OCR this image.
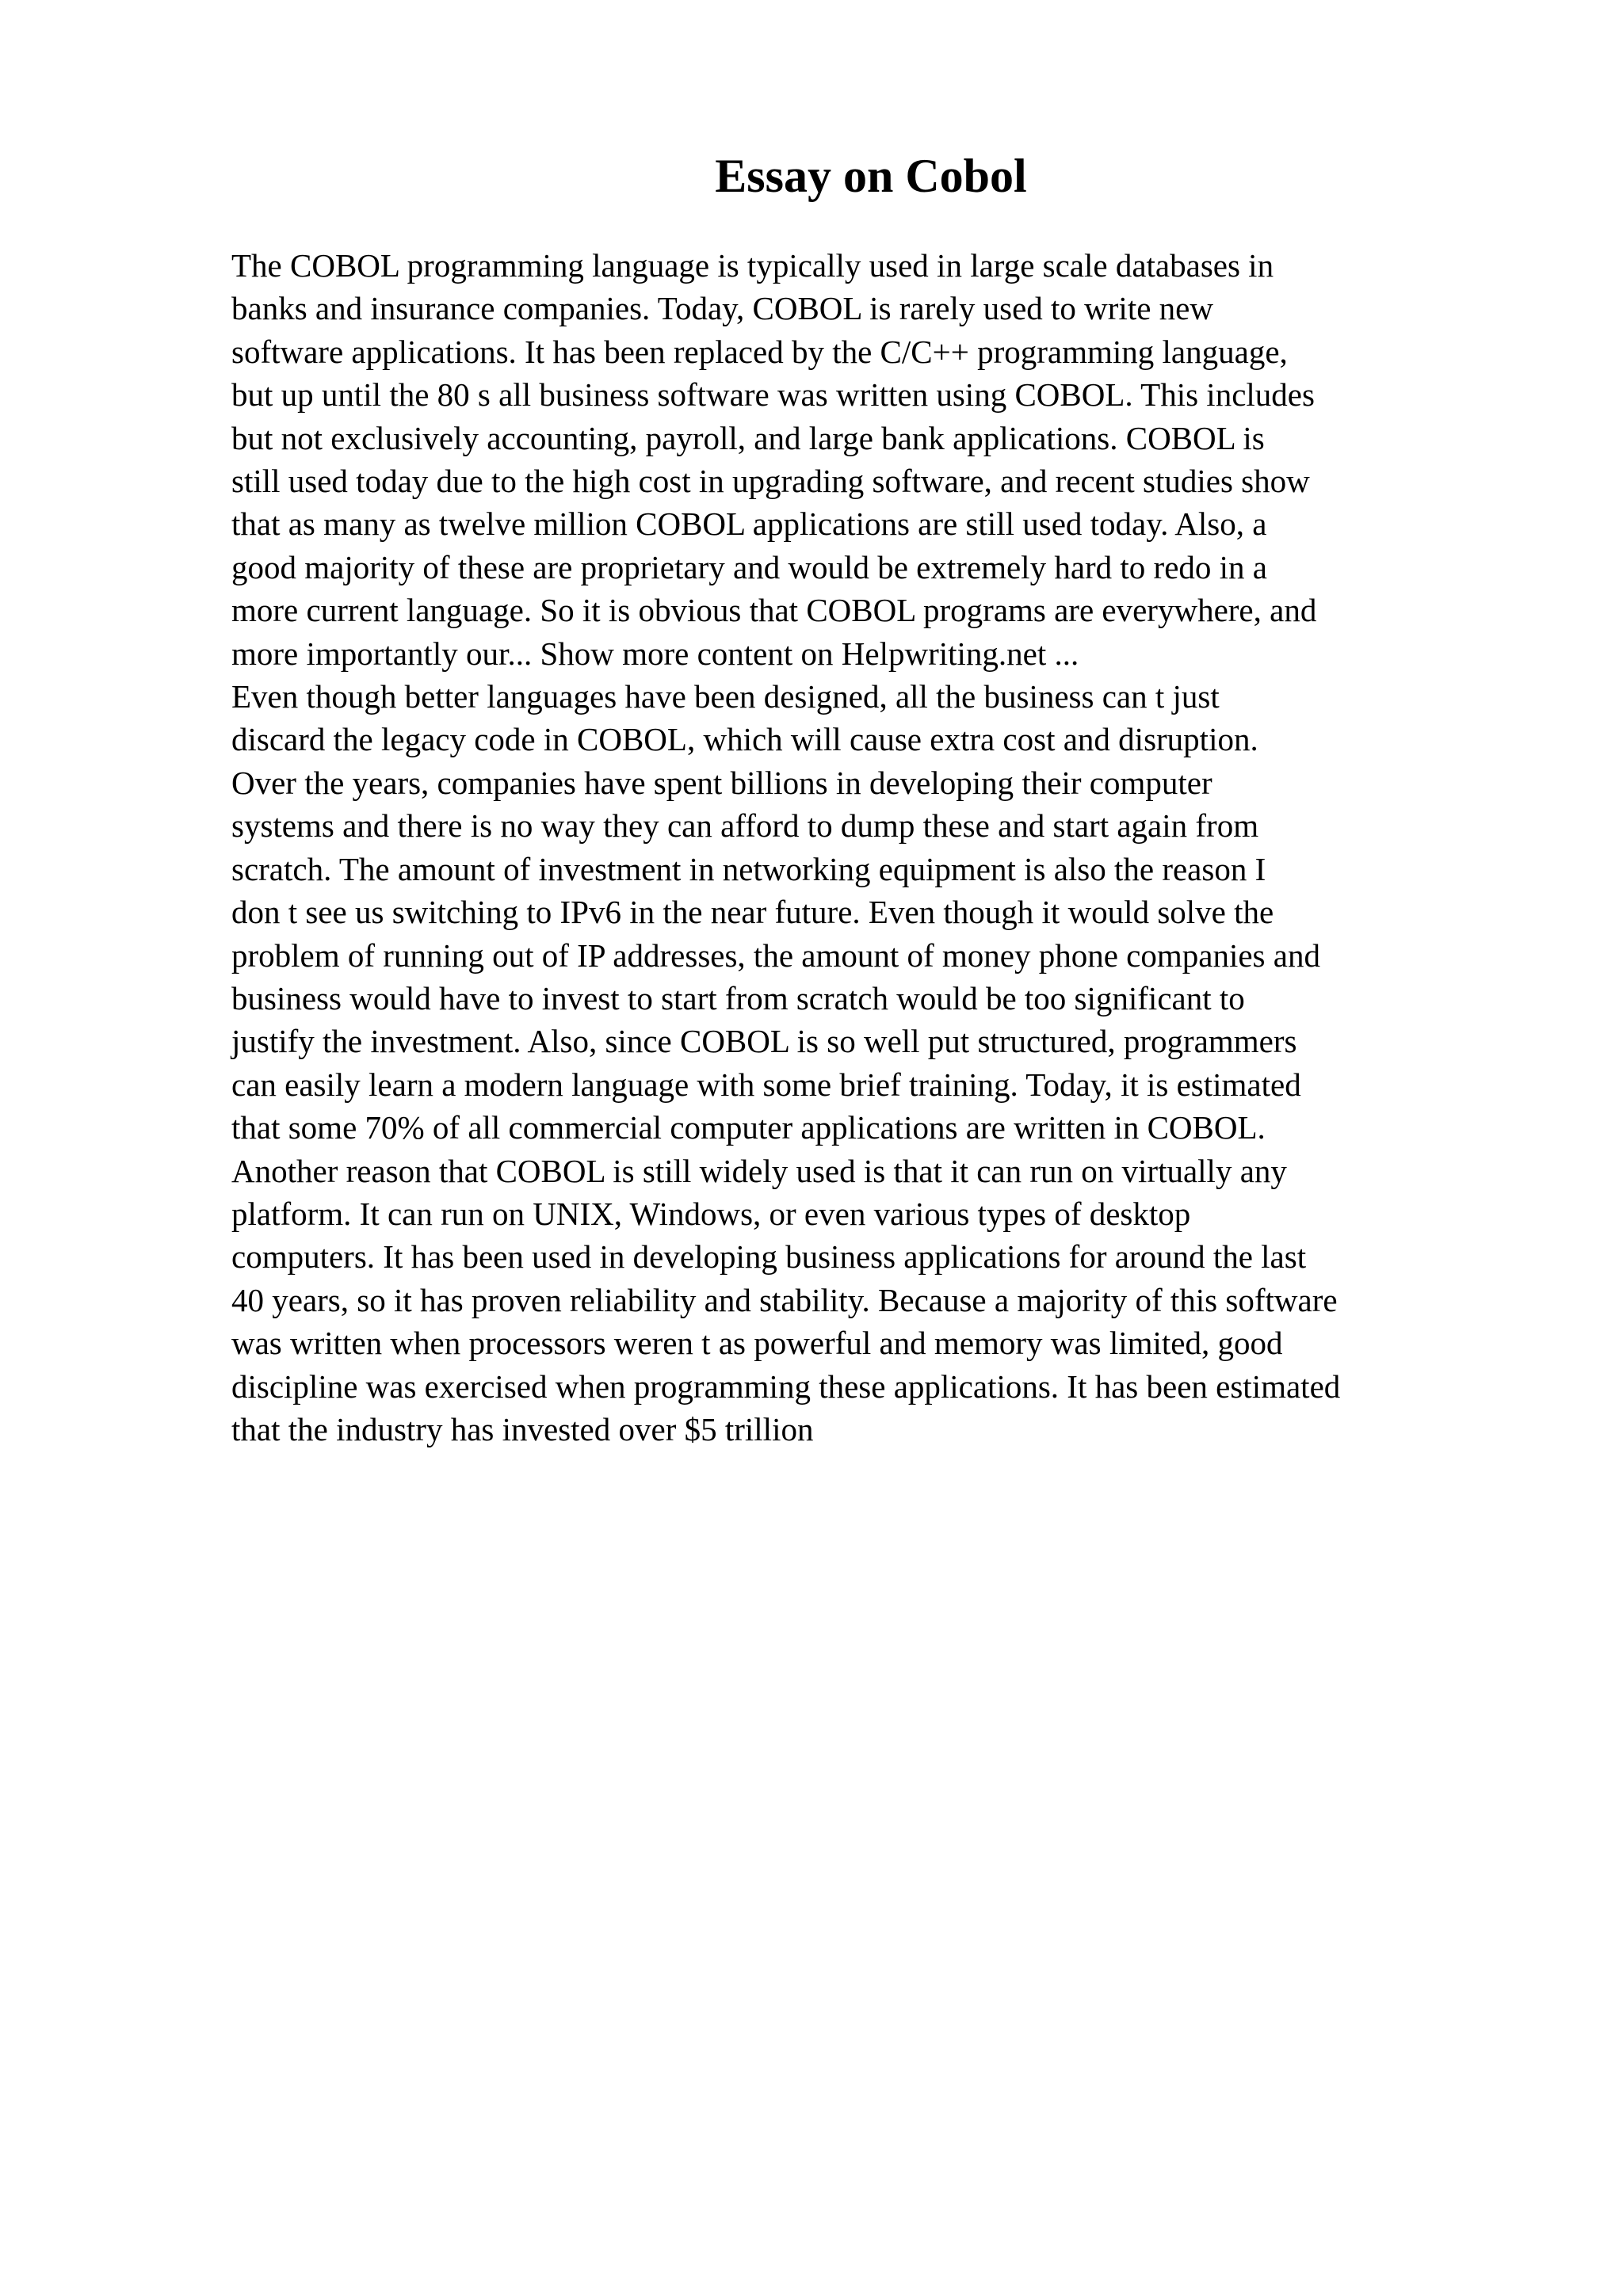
Essay on Cobol
The COBOL programming language is typically used in large scale databases in
banks and insurance companies. Today, COBOL is rarely used to write new
software applications. It has been replaced by the C/C++ programming language,
but up until the 80 s all business software was written using COBOL. This includes
but not exclusively accounting, payroll, and large bank applications. COBOL is
still used today due to the high cost in upgrading software, and recent studies show
that as many as twelve million COBOL applications are still used today. Also, a
good majority of these are proprietary and would be extremely hard to redo in a
more current language. So it is obvious that COBOL programs are everywhere, and
more importantly our... Show more content on Helpwriting.net ...
Even though better languages have been designed, all the business can t just
discard the legacy code in COBOL, which will cause extra cost and disruption.
Over the years, companies have spent billions in developing their computer
systems and there is no way they can afford to dump these and start again from
scratch. The amount of investment in networking equipment is also the reason I
don t see us switching to IPv6 in the near future. Even though it would solve the
problem of running out of IP addresses, the amount of money phone companies and
business would have to invest to start from scratch would be too significant to
justify the investment. Also, since COBOL is so well put structured, programmers
can easily learn a modern language with some brief training. Today, it is estimated
that some 70% of all commercial computer applications are written in COBOL.
Another reason that COBOL is still widely used is that it can run on virtually any
platform. It can run on UNIX, Windows, or even various types of desktop
computers. It has been used in developing business applications for around the last
40 years, so it has proven reliability and stability. Because a majority of this software
was written when processors weren t as powerful and memory was limited, good
discipline was exercised when programming these applications. It has been estimated
that the industry has invested over $5 trillion
